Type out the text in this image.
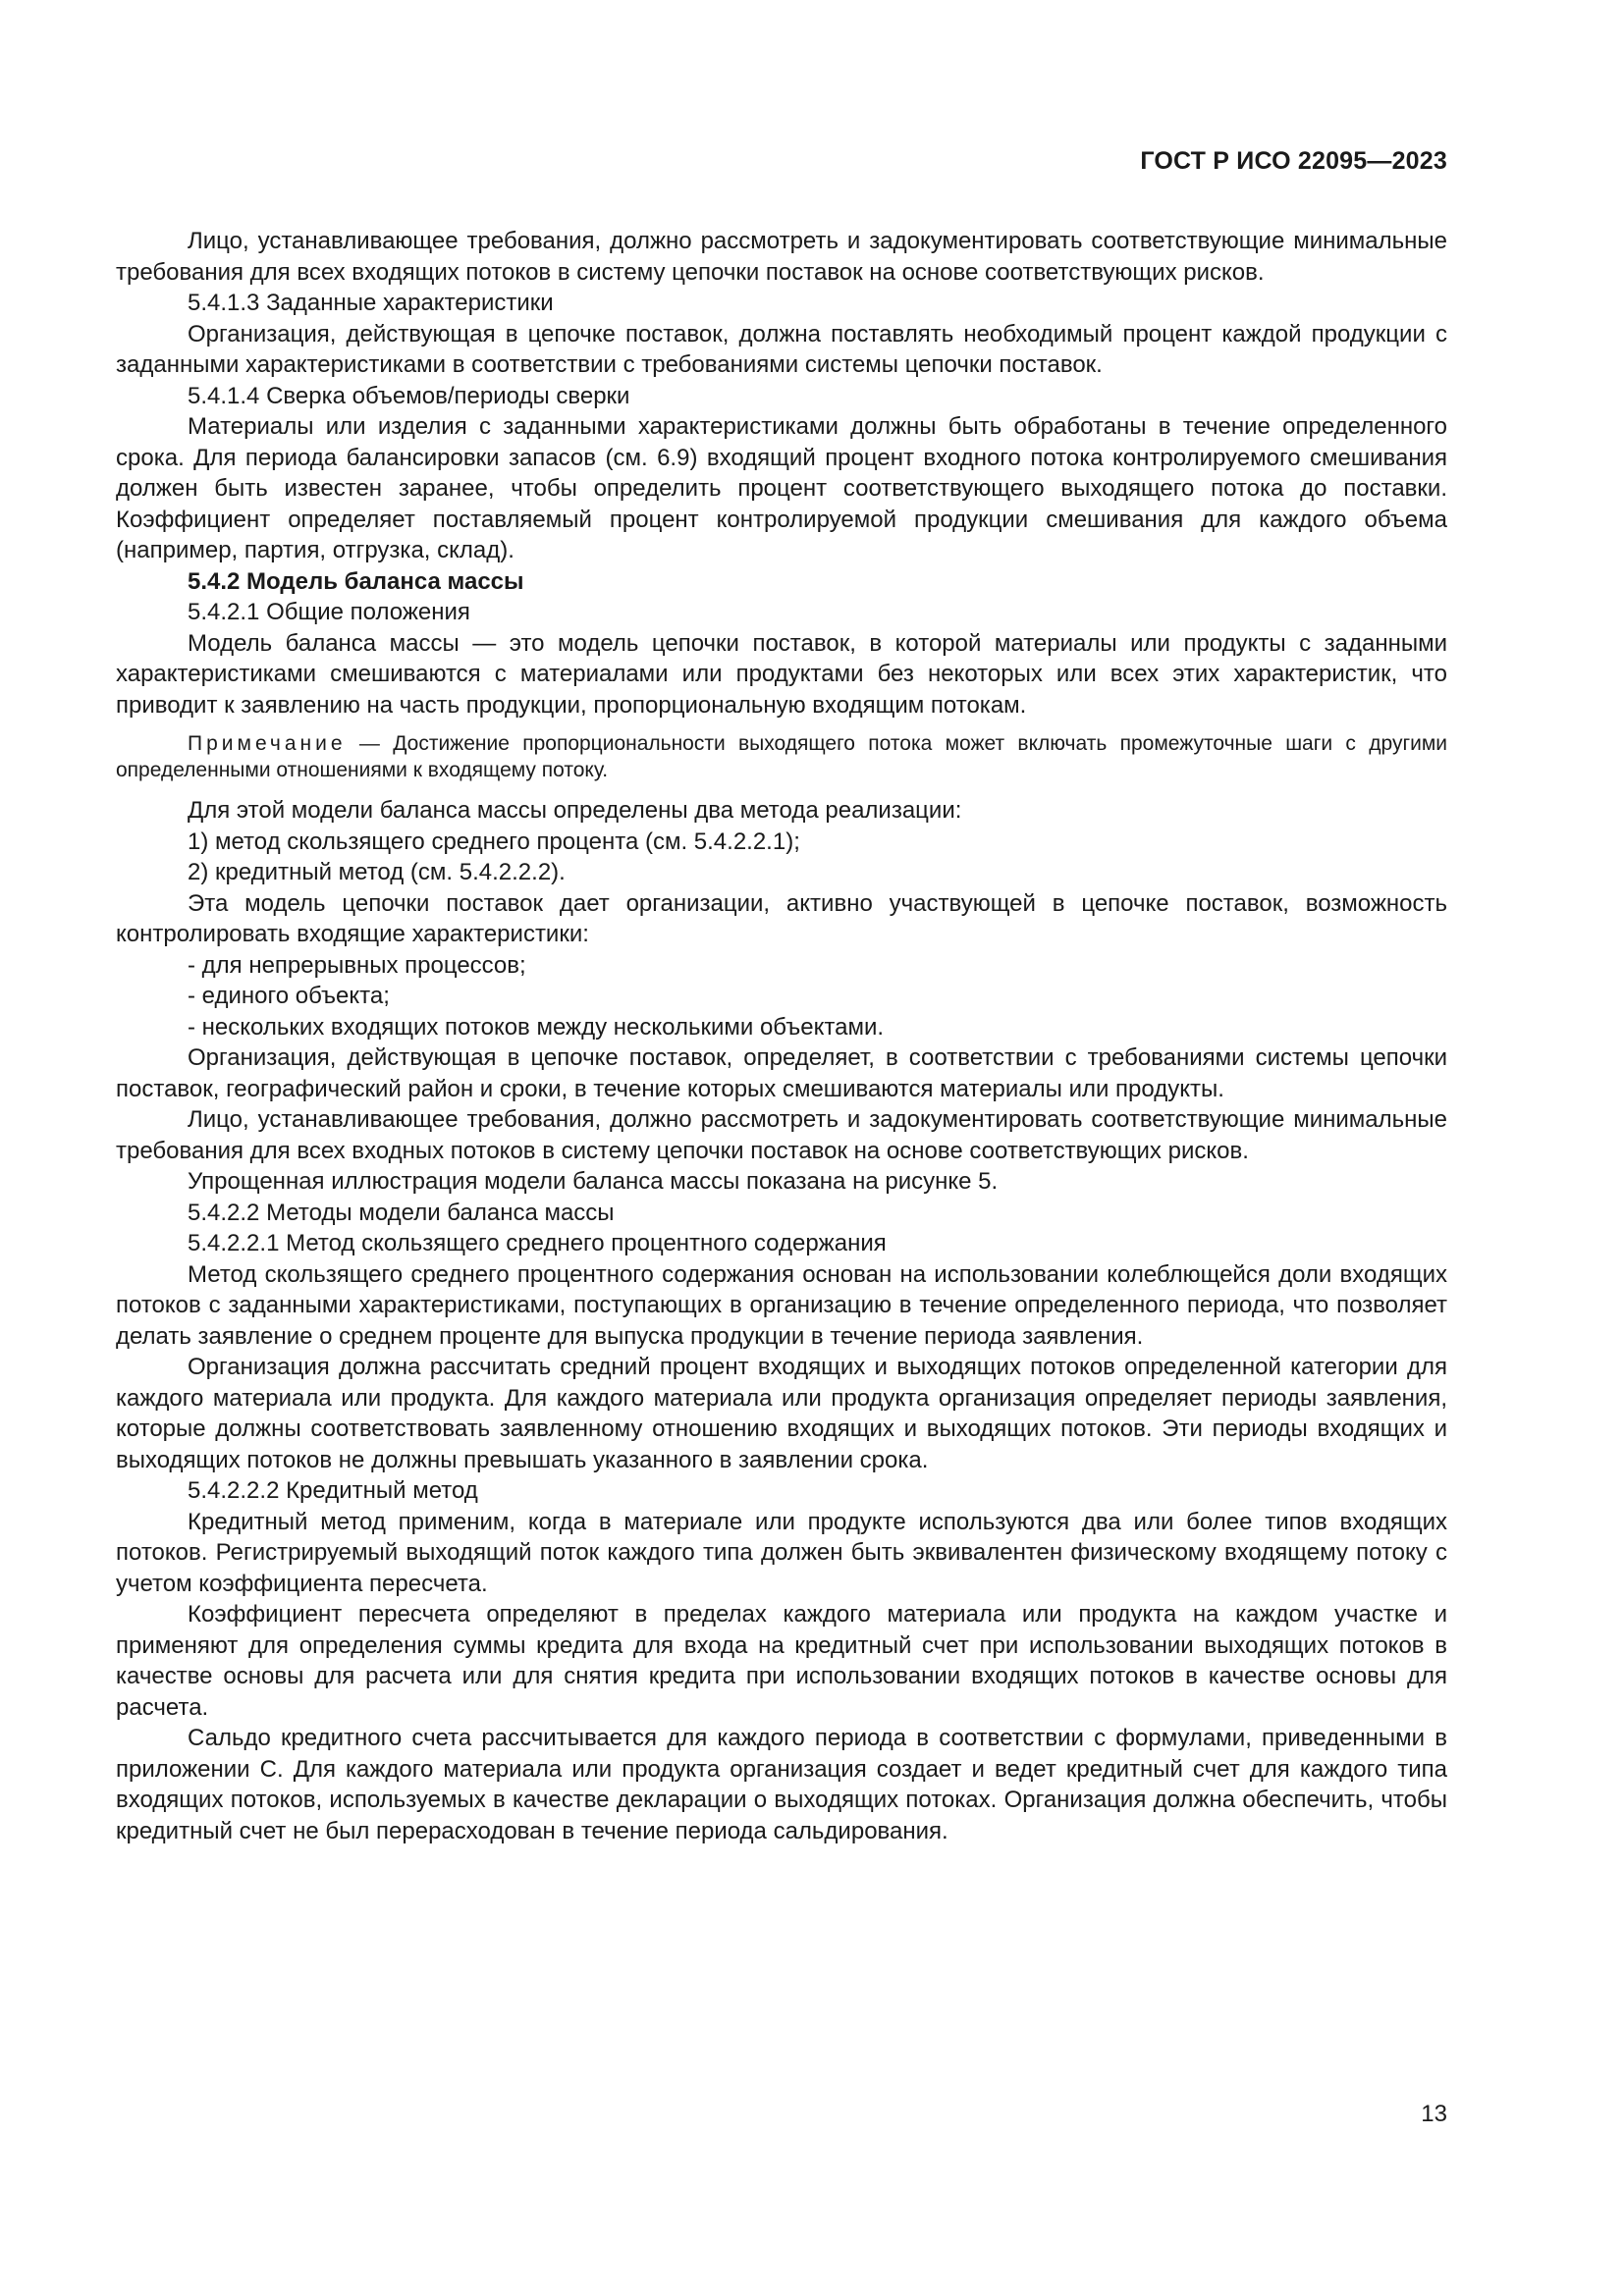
ГОСТ Р ИСО 22095—2023

Лицо, устанавливающее требования, должно рассмотреть и задокументировать соответствующие минимальные требования для всех входящих потоков в систему цепочки поставок на основе соответствующих рисков.

5.4.1.3 Заданные характеристики

Организация, действующая в цепочке поставок, должна поставлять необходимый процент каждой продукции с заданными характеристиками в соответствии с требованиями системы цепочки поставок.

5.4.1.4 Сверка объемов/периоды сверки

Материалы или изделия с заданными характеристиками должны быть обработаны в течение определенного срока. Для периода балансировки запасов (см. 6.9) входящий процент входного потока контролируемого смешивания должен быть известен заранее, чтобы определить процент соответствующего выходящего потока до поставки. Коэффициент определяет поставляемый процент контролируемой продукции смешивания для каждого объема (например, партия, отгрузка, склад).

5.4.2 Модель баланса массы

5.4.2.1 Общие положения

Модель баланса массы — это модель цепочки поставок, в которой материалы или продукты с заданными характеристиками смешиваются с материалами или продуктами без некоторых или всех этих характеристик, что приводит к заявлению на часть продукции, пропорциональную входящим потокам.

Примечание — Достижение пропорциональности выходящего потока может включать промежуточные шаги с другими определенными отношениями к входящему потоку.

Для этой модели баланса массы определены два метода реализации:

1) метод скользящего среднего процента (см. 5.4.2.2.1);

2) кредитный метод (см. 5.4.2.2.2).

Эта модель цепочки поставок дает организации, активно участвующей в цепочке поставок, возможность контролировать входящие характеристики:

- для непрерывных процессов;

- единого объекта;

- нескольких входящих потоков между несколькими объектами.

Организация, действующая в цепочке поставок, определяет, в соответствии с требованиями системы цепочки поставок, географический район и сроки, в течение которых смешиваются материалы или продукты.

Лицо, устанавливающее требования, должно рассмотреть и задокументировать соответствующие минимальные требования для всех входных потоков в систему цепочки поставок на основе соответствующих рисков.

Упрощенная иллюстрация модели баланса массы показана на рисунке 5.

5.4.2.2 Методы модели баланса массы

5.4.2.2.1 Метод скользящего среднего процентного содержания

Метод скользящего среднего процентного содержания основан на использовании колеблющейся доли входящих потоков с заданными характеристиками, поступающих в организацию в течение определенного периода, что позволяет делать заявление о среднем проценте для выпуска продукции в течение периода заявления.

Организация должна рассчитать средний процент входящих и выходящих потоков определенной категории для каждого материала или продукта. Для каждого материала или продукта организация определяет периоды заявления, которые должны соответствовать заявленному отношению входящих и выходящих потоков. Эти периоды входящих и выходящих потоков не должны превышать указанного в заявлении срока.

5.4.2.2.2 Кредитный метод

Кредитный метод применим, когда в материале или продукте используются два или более типов входящих потоков. Регистрируемый выходящий поток каждого типа должен быть эквивалентен физическому входящему потоку с учетом коэффициента пересчета.

Коэффициент пересчета определяют в пределах каждого материала или продукта на каждом участке и применяют для определения суммы кредита для входа на кредитный счет при использовании выходящих потоков в качестве основы для расчета или для снятия кредита при использовании входящих потоков в качестве основы для расчета.

Сальдо кредитного счета рассчитывается для каждого периода в соответствии с формулами, приведенными в приложении С. Для каждого материала или продукта организация создает и ведет кредитный счет для каждого типа входящих потоков, используемых в качестве декларации о выходящих потоках. Организация должна обеспечить, чтобы кредитный счет не был перерасходован в течение периода сальдирования.

13
